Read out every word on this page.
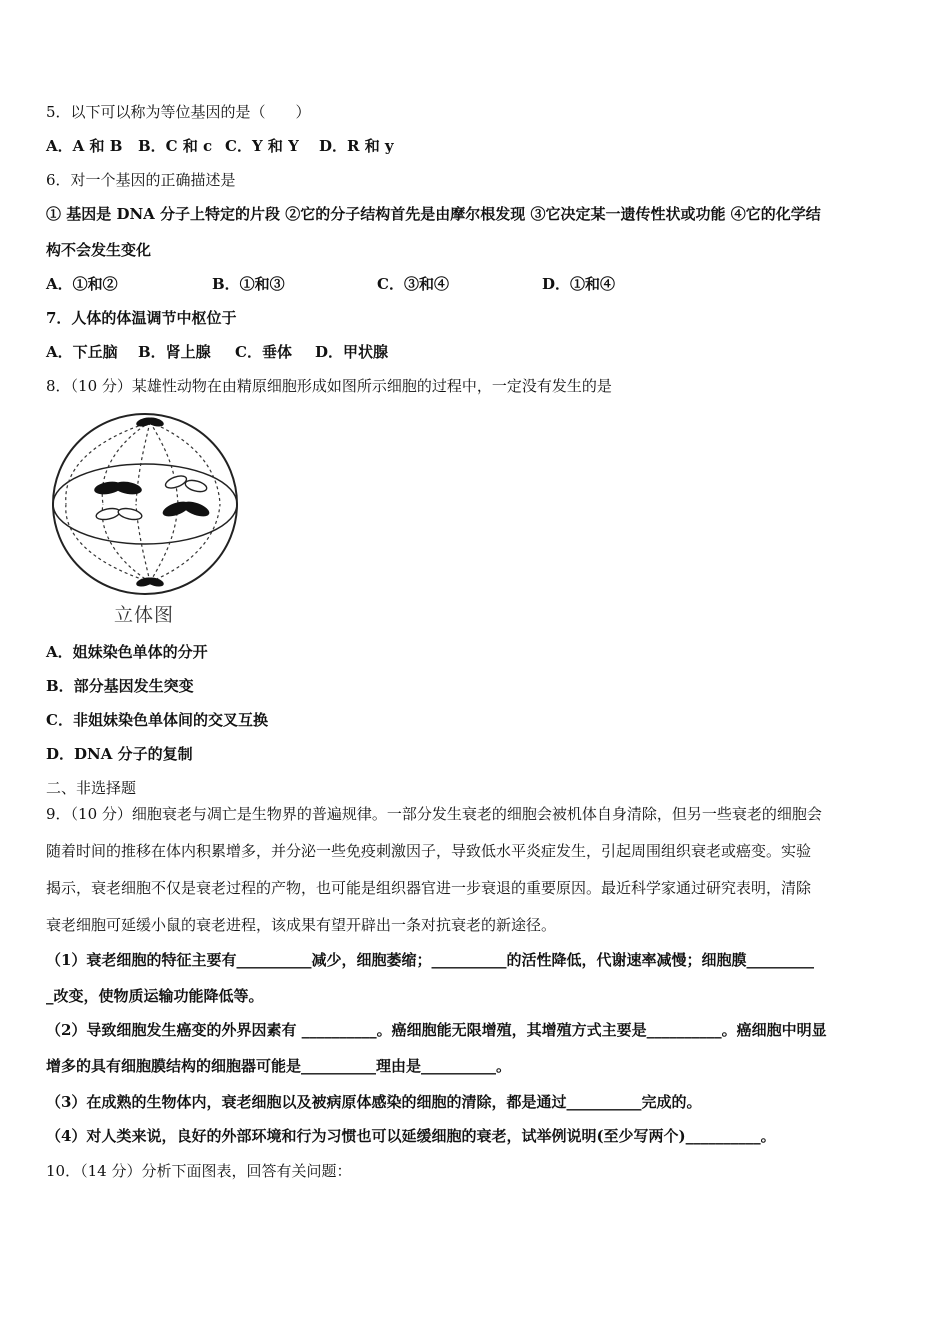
5．以下可以称为等位基因的是（　　）
A．A 和 B B．C 和 c C．Y 和 Y D．R 和 y
6．对一个基因的正确描述是
① 基因是 DNA 分子上特定的片段 ②它的分子结构首先是由摩尔根发现 ③它决定某一遗传性状或功能 ④它的化学结
构不会发生变化
A．①和②	B．①和③	C．③和④	D．①和④
7．人体的体温调节中枢位于
A．下丘脑 B．肾上腺 C．垂体 D．甲状腺
8．（10 分）某雄性动物在由精原细胞形成如图所示细胞的过程中，一定没有发生的是
立体图
A．姐妹染色单体的分开
B．部分基因发生突变
C．非姐妹染色单体间的交叉互换
D．DNA 分子的复制
二、非选择题
9．（10 分）细胞衰老与凋亡是生物界的普遍规律。一部分发生衰老的细胞会被机体自身清除，但另一些衰老的细胞会
随着时间的推移在体内积累增多，并分泌一些免疫刺激因子，导致低水平炎症发生，引起周围组织衰老或癌变。实验
揭示，衰老细胞不仅是衰老过程的产物，也可能是组织器官进一步衰退的重要原因。最近科学家通过研究表明，清除
衰老细胞可延缓小鼠的衰老进程，该成果有望开辟出一条对抗衰老的新途径。
（1）衰老细胞的特征主要有__________减少，细胞萎缩；__________的活性降低，代谢速率减慢；细胞膜_________
_改变，使物质运输功能降低等。
（2）导致细胞发生癌变的外界因素有 __________。癌细胞能无限增殖，其增殖方式主要是__________。癌细胞中明显
增多的具有细胞膜结构的细胞器可能是__________理由是__________。
（3）在成熟的生物体内，衰老细胞以及被病原体感染的细胞的清除，都是通过__________完成的。
（4）对人类来说，良好的外部环境和行为习惯也可以延缓细胞的衰老，试举例说明(至少写两个)__________。
10．（14 分）分析下面图表，回答有关问题：
